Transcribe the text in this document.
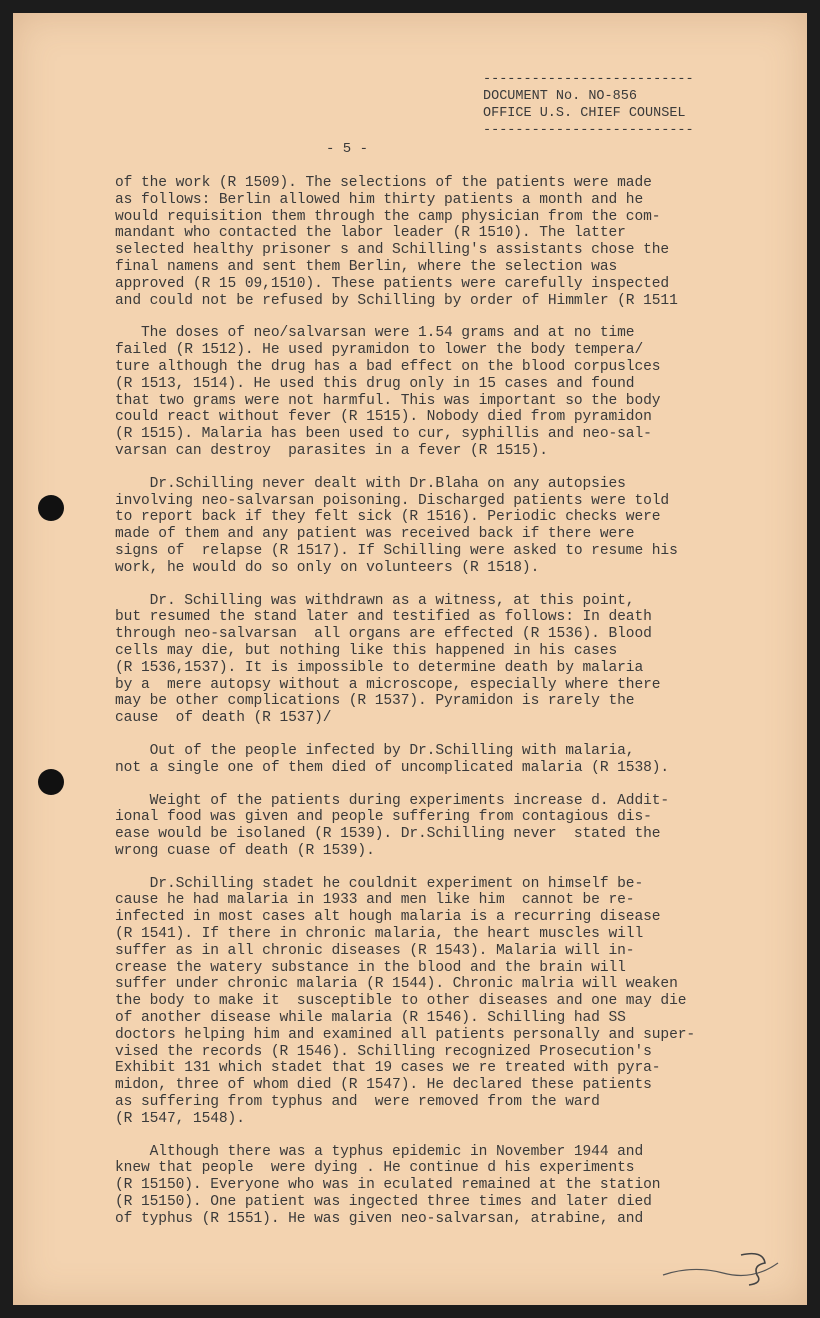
--------------------------
DOCUMENT No. NO-856
OFFICE U.S. CHIEF COUNSEL
--------------------------
- 5 -
of the work (R 1509). The selections of the patients were made
as follows: Berlin allowed him thirty patients a month and he
would requisition them through the camp physician from the com-
mandant who contacted the labor leader (R 1510). The latter
selected healthy prisoner s and Schilling's assistants chose the
final namens and sent them Berlin, where the selection was
approved (R 15 09,1510). These patients were carefully inspected
and could not be refused by Schilling by order of Himmler (R 1511
The doses of neo/salvarsan were 1.54 grams and at no time
failed (R 1512). He used pyramidon to lower the body tempera/
ture although the drug has a bad effect on the blood corpuslces
(R 1513, 1514). He used this drug only in 15 cases and found
that two grams were not harmful. This was important so the body
could react without fever (R 1515). Nobody died from pyramidon
(R 1515). Malaria has been used to cur, syphillis and neo-sal-
varsan can destroy  parasites in a fever (R 1515).
Dr.Schilling never dealt with Dr.Blaha on any autopsies
involving neo-salvarsan poisoning. Discharged patients were told
to report back if they felt sick (R 1516). Periodic checks were
made of them and any patient was received back if there were
signs of  relapse (R 1517). If Schilling were asked to resume his
work, he would do so only on volunteers (R 1518).
Dr. Schilling was withdrawn as a witness, at this point,
but resumed the stand later and testified as follows: In death
through neo-salvarsan  all organs are effected (R 1536). Blood
cells may die, but nothing like this happened in his cases
(R 1536,1537). It is impossible to determine death by malaria
by a  mere autopsy without a microscope, especially where there
may be other complications (R 1537). Pyramidon is rarely the
cause  of death (R 1537)/
Out of the people infected by Dr.Schilling with malaria,
not a single one of them died of uncomplicated malaria (R 1538).
Weight of the patients during experiments increase d. Addit-
ional food was given and people suffering from contagious dis-
ease would be isolaned (R 1539). Dr.Schilling never  stated the
wrong cuase of death (R 1539).
Dr.Schilling stadet he couldnit experiment on himself be-
cause he had malaria in 1933 and men like him  cannot be re-
infected in most cases alt hough malaria is a recurring disease
(R 1541). If there in chronic malaria, the heart muscles will
suffer as in all chronic diseases (R 1543). Malaria will in-
crease the watery substance in the blood and the brain will
suffer under chronic malaria (R 1544). Chronic malria will weaken
the body to make it  susceptible to other diseases and one may die
of another disease while malaria (R 1546). Schilling had SS
doctors helping him and examined all patients personally and super-
vised the records (R 1546). Schilling recognized Prosecution's
Exhibit 131 which stadet that 19 cases we re treated with pyra-
midon, three of whom died (R 1547). He declared these patients
as suffering from typhus and  were removed from the ward
(R 1547, 1548).
Although there was a typhus epidemic in November 1944 and
knew that people  were dying . He continue d his experiments
(R 15150). Everyone who was in eculated remained at the station
(R 15150). One patient was ingected three times and later died
of typhus (R 1551). He was given neo-salvarsan, atrabine, and
